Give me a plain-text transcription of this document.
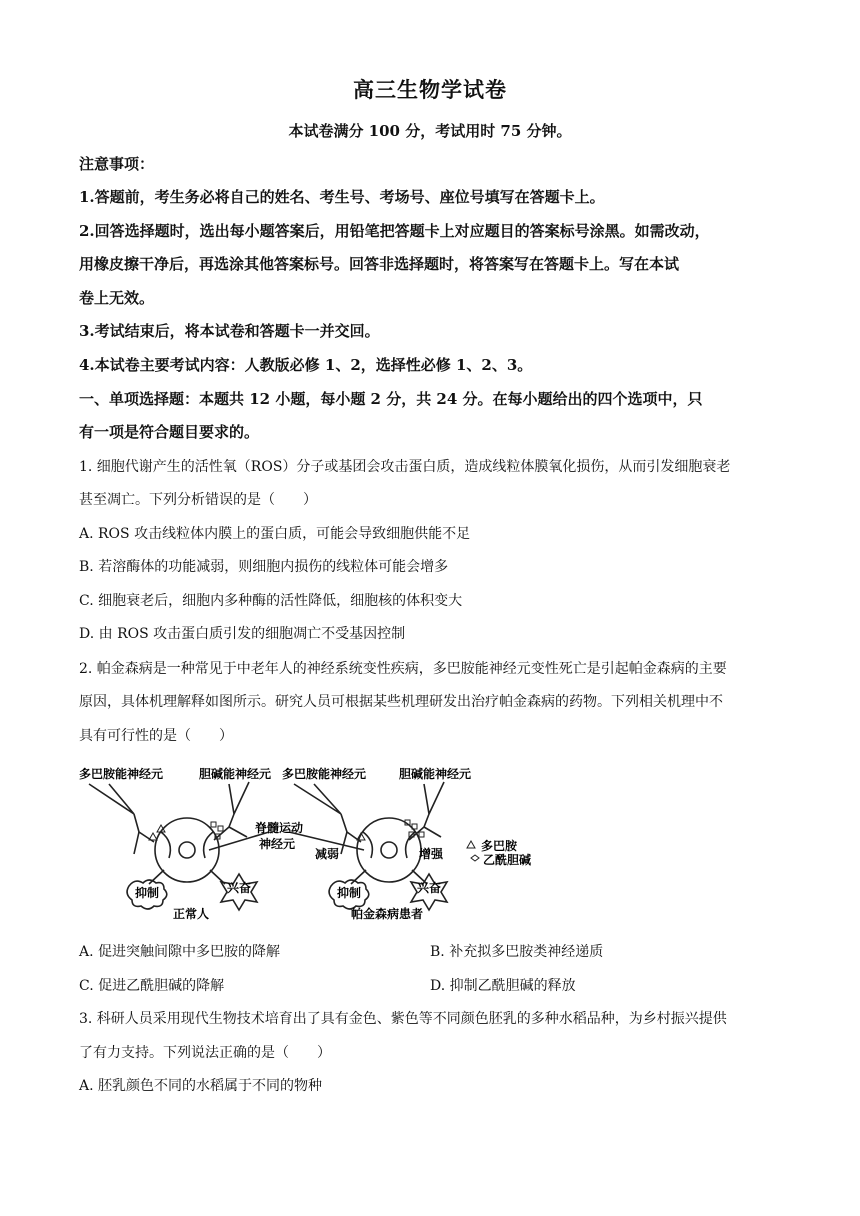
高三生物学试卷
本试卷满分 100 分，考试用时 75 分钟。
注意事项：
1.答题前，考生务必将自己的姓名、考生号、考场号、座位号填写在答题卡上。
2.回答选择题时，选出每小题答案后，用铅笔把答题卡上对应题目的答案标号涂黑。如需改动，
用橡皮擦干净后，再选涂其他答案标号。回答非选择题时，将答案写在答题卡上。写在本试
卷上无效。
3.考试结束后，将本试卷和答题卡一并交回。
4.本试卷主要考试内容：人教版必修 1、2，选择性必修 1、2、3。
一、单项选择题：本题共 12 小题，每小题 2 分，共 24 分。在每小题给出的四个选项中，只
有一项是符合题目要求的。
1. 细胞代谢产生的活性氧（ROS）分子或基团会攻击蛋白质，造成线粒体膜氧化损伤，从而引发细胞衰老
甚至凋亡。下列分析错误的是（　　）
A. ROS 攻击线粒体内膜上的蛋白质，可能会导致细胞供能不足
B. 若溶酶体的功能减弱，则细胞内损伤的线粒体可能会增多
C. 细胞衰老后，细胞内多种酶的活性降低，细胞核的体积变大
D. 由 ROS 攻击蛋白质引发的细胞凋亡不受基因控制
2. 帕金森病是一种常见于中老年人的神经系统变性疾病，多巴胺能神经元变性死亡是引起帕金森病的主要
原因，具体机理解释如图所示。研究人员可根据某些机理研发出治疗帕金森病的药物。下列相关机理中不
具有可行性的是（　　）
多巴胺能神经元	胆碱能神经元 多巴胺能神经元	胆碱能神经元
脊髓运动
神经元
抑制	兴奋	抑制	兴奋
减弱	增强
正常人	帕金森病患者
多巴胺
乙酰胆碱
A. 促进突触间隙中多巴胺的降解	B. 补充拟多巴胺类神经递质
C. 促进乙酰胆碱的降解	D. 抑制乙酰胆碱的释放
3. 科研人员采用现代生物技术培育出了具有金色、紫色等不同颜色胚乳的多种水稻品种，为乡村振兴提供
了有力支持。下列说法正确的是（　　）
A. 胚乳颜色不同的水稻属于不同的物种
